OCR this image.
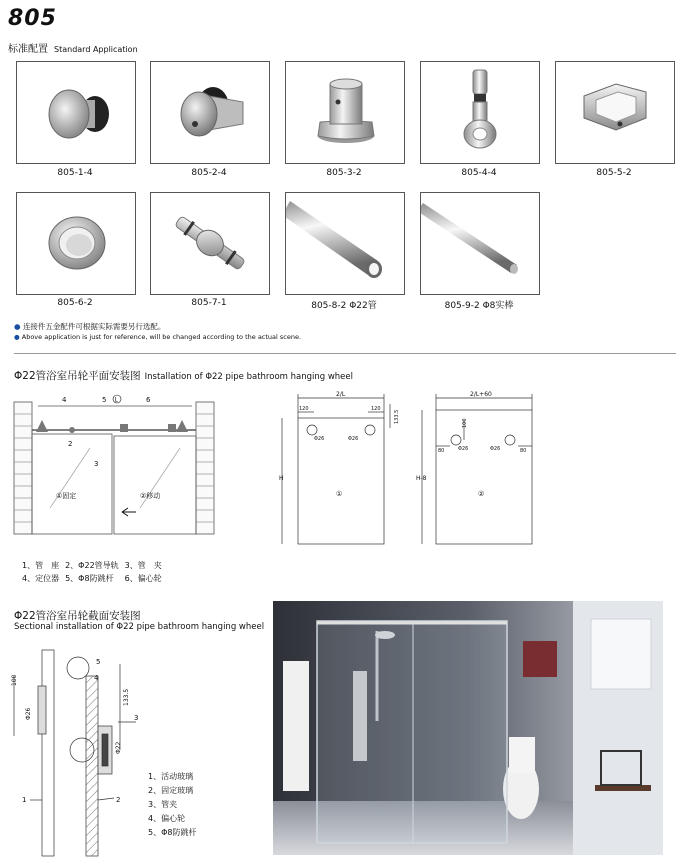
805
标准配置 Standard Application
805-1-4	805-2-4	805-3-2	805-4-4	805-5-2
805-6-2	805-7-1	805-8-2 Φ22管	805-9-2 Φ8实棒
● 连接件五金配件可根据实际需要另行选配。
● Above application is just for reference, will be changed according to the actual scene.
Φ22管浴室吊轮平面安装图 Installation of Φ22 pipe bathroom hanging wheel
4	5 L	6
2
3
①固定	②移动
1、管　座	2、Φ22管导轨	3、管　夹
4、定位器	5、Φ8防跳杆	6、偏心轮
2/L
120	120
133.5
Φ26	Φ26
H
①
2/L+60
100
80	80
Φ26	Φ26
H-8
②
Φ22管浴室吊轮截面安装图
Sectional installation of Φ22 pipe bathroom hanging wheel
100
Φ26
133.5
Φ22
5
4
3
2
1
1、活动玻璃
2、固定玻璃
3、管夹
4、偏心轮
5、Φ8防跳杆
